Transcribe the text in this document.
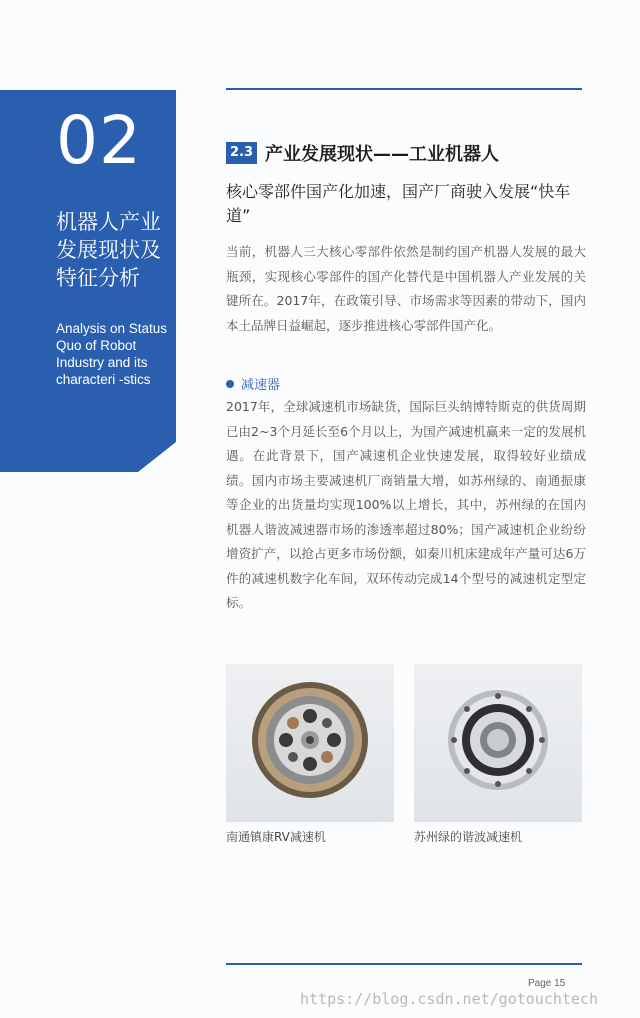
02
机器人产业发展现状及特征分析
Analysis on Status Quo of Robot Industry and its characteri -stics
2.3 产业发展现状——工业机器人
核心零部件国产化加速，国产厂商驶入发展“快车道”
当前，机器人三大核心零部件依然是制约国产机器人发展的最大瓶颈，实现核心零部件的国产化替代是中国机器人产业发展的关键所在。2017年，在政策引导、市场需求等因素的带动下，国内本土品牌日益崛起，逐步推进核心零部件国产化。
减速器
2017年，全球减速机市场缺货，国际巨头纳博特斯克的供货周期已由2~3个月延长至6个月以上，为国产减速机赢来一定的发展机遇。在此背景下，国产减速机企业快速发展，取得较好业绩成绩。国内市场主要减速机厂商销量大增，如苏州绿的、南通振康等企业的出货量均实现100%以上增长，其中，苏州绿的在国内机器人谐波减速器市场的渗透率超过80%；国产减速机企业纷纷增资扩产，以抢占更多市场份额，如秦川机床建成年产量可达6万件的减速机数字化车间，双环传动完成14个型号的减速机定型定标。
南通镇康RV减速机	苏州绿的谐波减速机
Page 15
https://blog.csdn.net/gotouchtech
